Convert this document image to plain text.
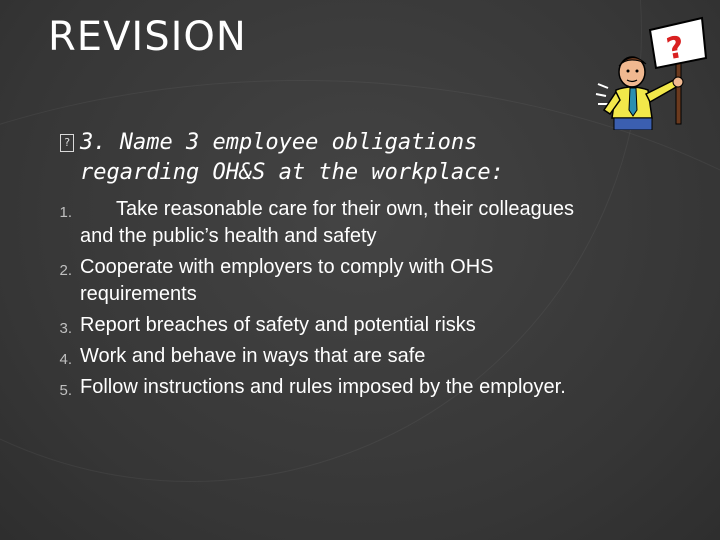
REVISION
? 3. Name 3 employee obligations regarding OH&S at the workplace:
1.	Take reasonable care for their own, their colleagues and the public’s health and safety
2. Cooperate with employers to comply with OHS requirements
3. Report breaches of safety and potential risks
4. Work and behave in ways that are safe
5. Follow instructions and rules imposed by the employer.
?
